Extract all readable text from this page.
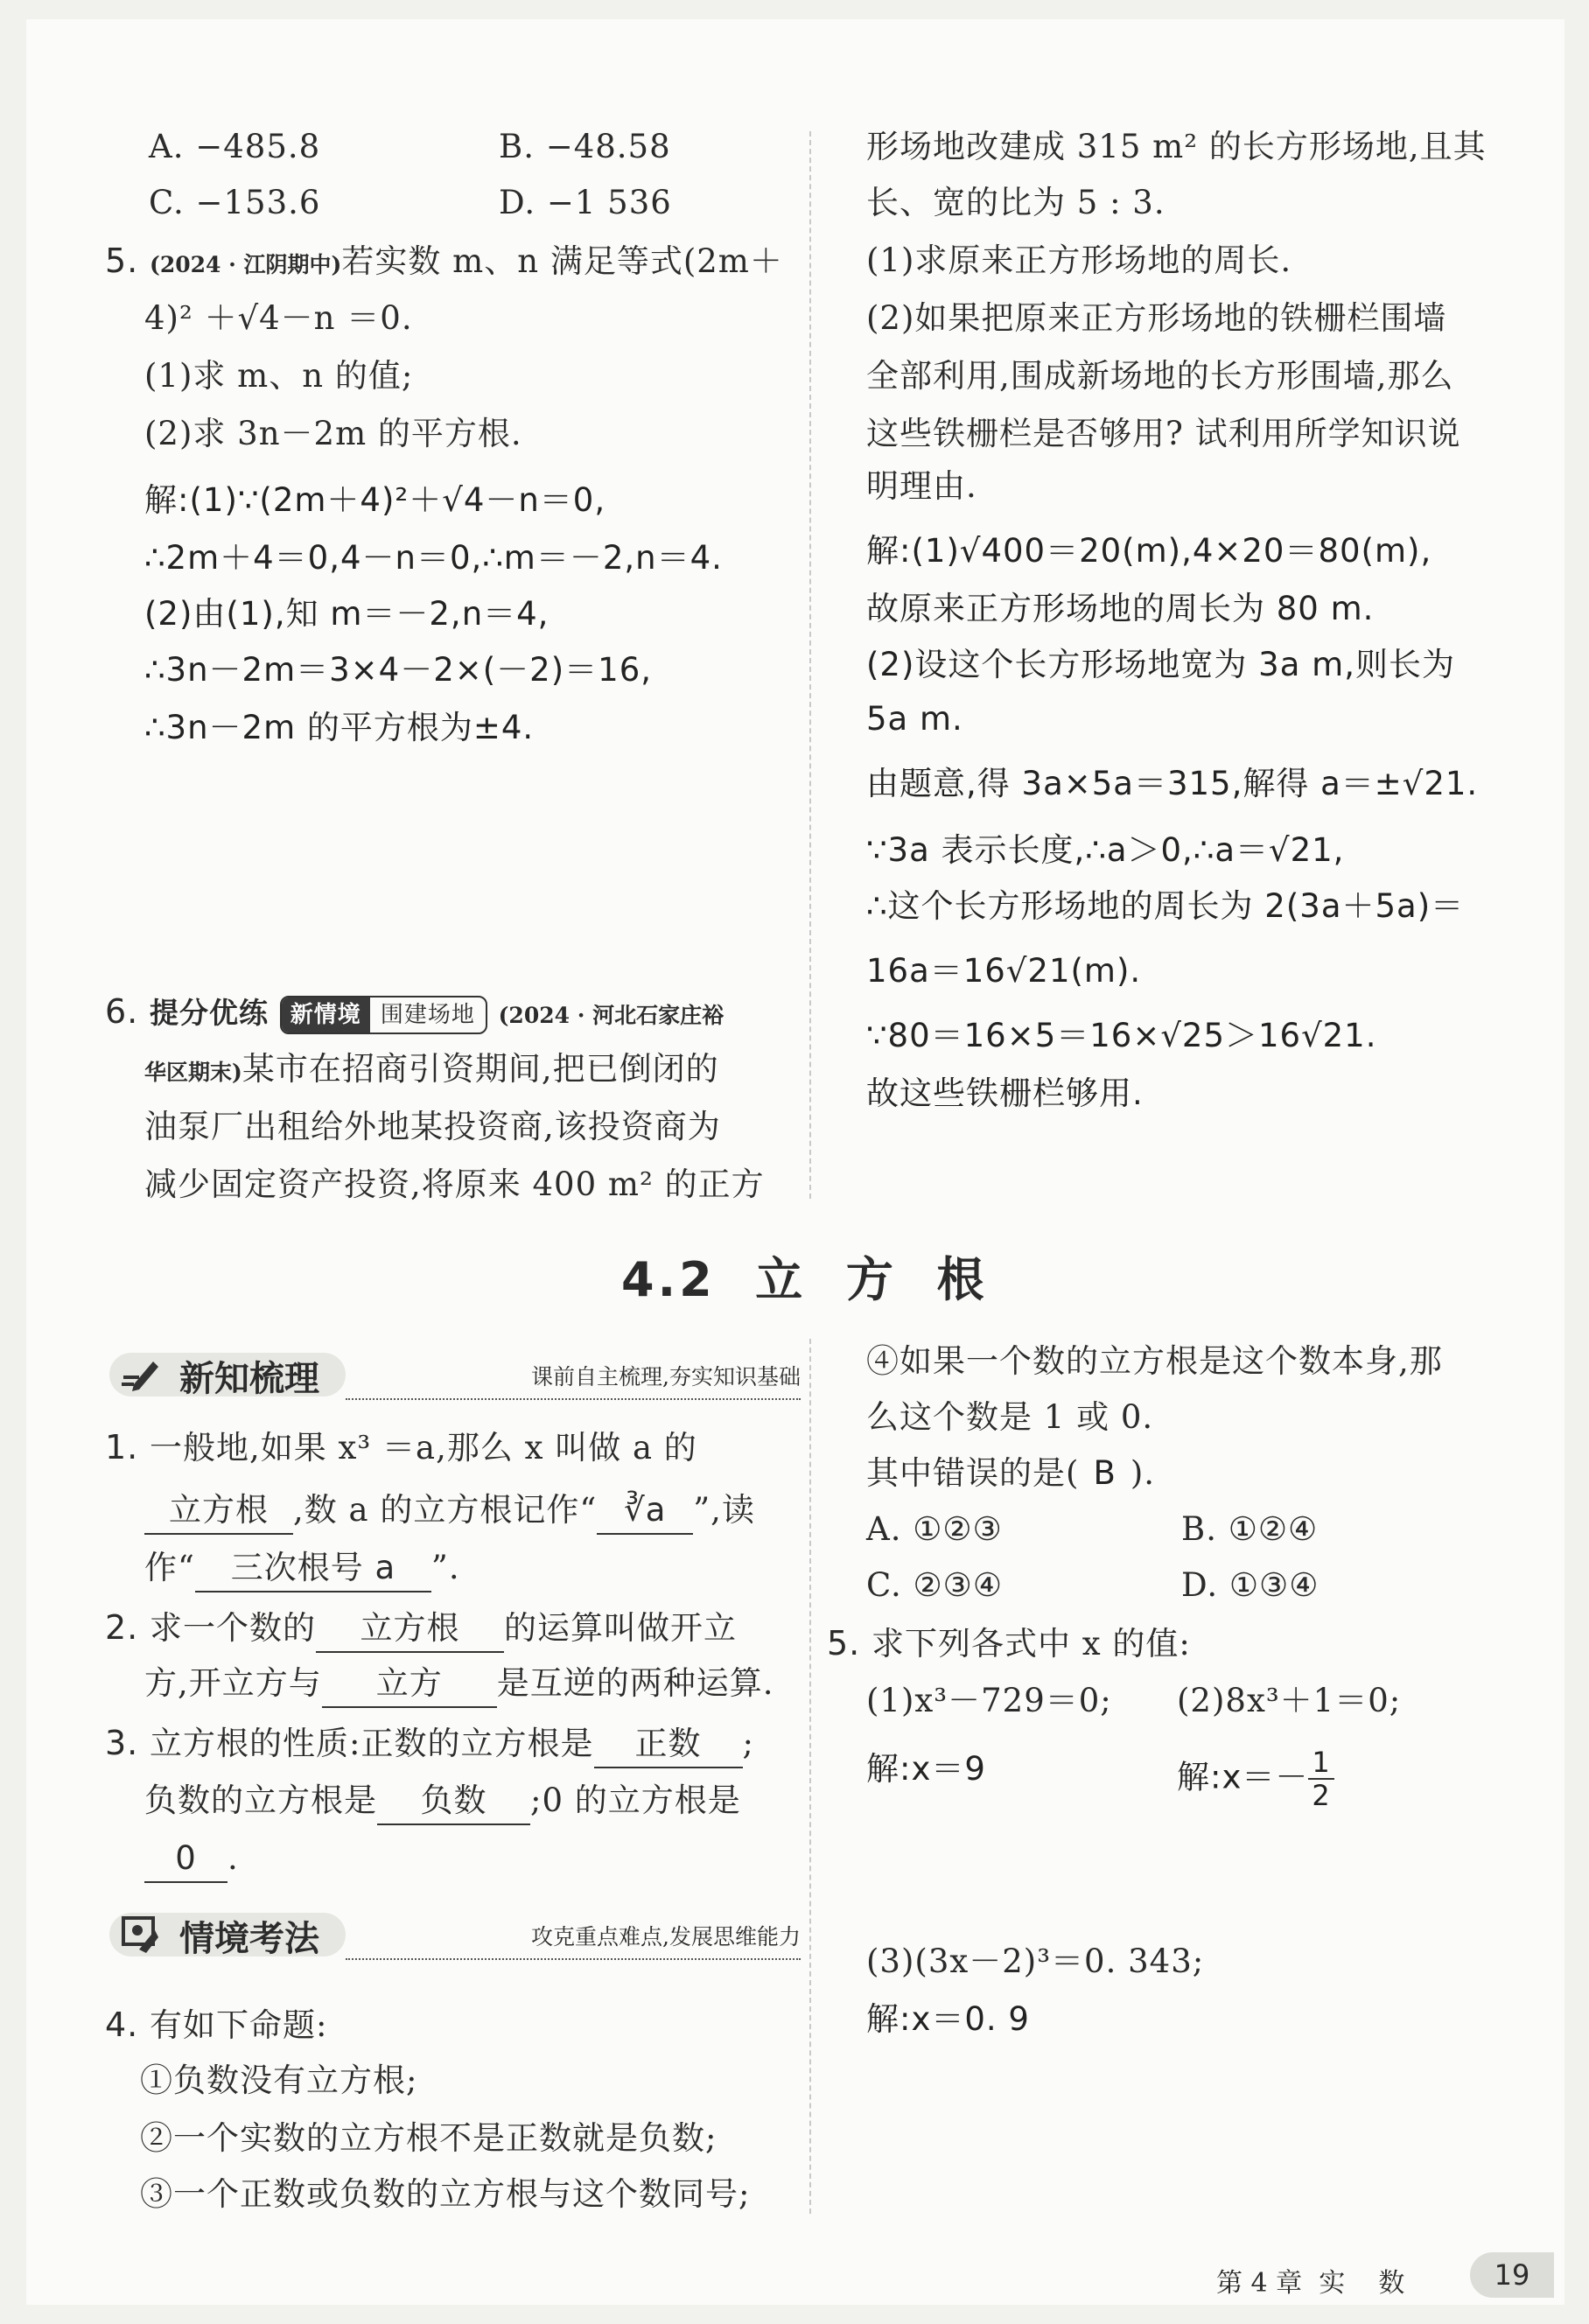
A. −485.8	B. −48.58
C. −153.6	D. −1 536
5. (2024 · 江阴期中)若实数 m、n 满足等式(2m＋
4)² ＋√4－n ＝0.
(1)求 m、n 的值;
(2)求 3n－2m 的平方根.
解:(1)∵(2m＋4)²＋√4－n＝0,
∴2m＋4＝0,4－n＝0,∴m＝－2,n＝4.
(2)由(1),知 m＝－2,n＝4,
∴3n－2m＝3×4－2×(－2)＝16,
∴3n－2m 的平方根为±4.
6. 提分优练 新情境 围建场地 (2024 · 河北石家庄裕
华区期末)某市在招商引资期间,把已倒闭的
油泵厂出租给外地某投资商,该投资商为
减少固定资产投资,将原来 400 m² 的正方
形场地改建成 315 m² 的长方形场地,且其
长、宽的比为 5 : 3.
(1)求原来正方形场地的周长.
(2)如果把原来正方形场地的铁栅栏围墙
全部利用,围成新场地的长方形围墙,那么
这些铁栅栏是否够用? 试利用所学知识说
明理由.
解:(1)√400＝20(m),4×20＝80(m),
故原来正方形场地的周长为 80 m.
(2)设这个长方形场地宽为 3a m,则长为
5a m.
由题意,得 3a×5a＝315,解得 a＝±√21.
∵3a 表示长度,∴a＞0,∴a＝√21,
∴这个长方形场地的周长为 2(3a＋5a)＝
16a＝16√21(m).
∵80＝16×5＝16×√25＞16√21.
故这些铁栅栏够用.
4.2  立  方  根
新知梳理	课前自主梳理,夯实知识基础
1. 一般地,如果 x³ ＝a,那么 x 叫做 a 的
立方根 ,数 a 的立方根记作“ ∛a ”,读
作“ 三次根号 a ”.
2. 求一个数的 立方根 的运算叫做开立
方,开立方与 立方 是互逆的两种运算.
3. 立方根的性质:正数的立方根是 正数 ;
负数的立方根是 负数 ;0 的立方根是
0 .
情境考法	攻克重点难点,发展思维能力
4. 有如下命题:
①负数没有立方根;
②一个实数的立方根不是正数就是负数;
③一个正数或负数的立方根与这个数同号;
④如果一个数的立方根是这个数本身,那
么这个数是 1 或 0.
其中错误的是( B ).
A. ①②③	B. ①②④
C. ②③④	D. ①③④
5. 求下列各式中 x 的值:
(1)x³－729＝0; (2)8x³＋1＝0;
解:x＝9	解:x＝－ $\frac{1}{2}$
(3)(3x－2)³＝0. 343;
解:x＝0. 9
第 4 章  实    数	19
